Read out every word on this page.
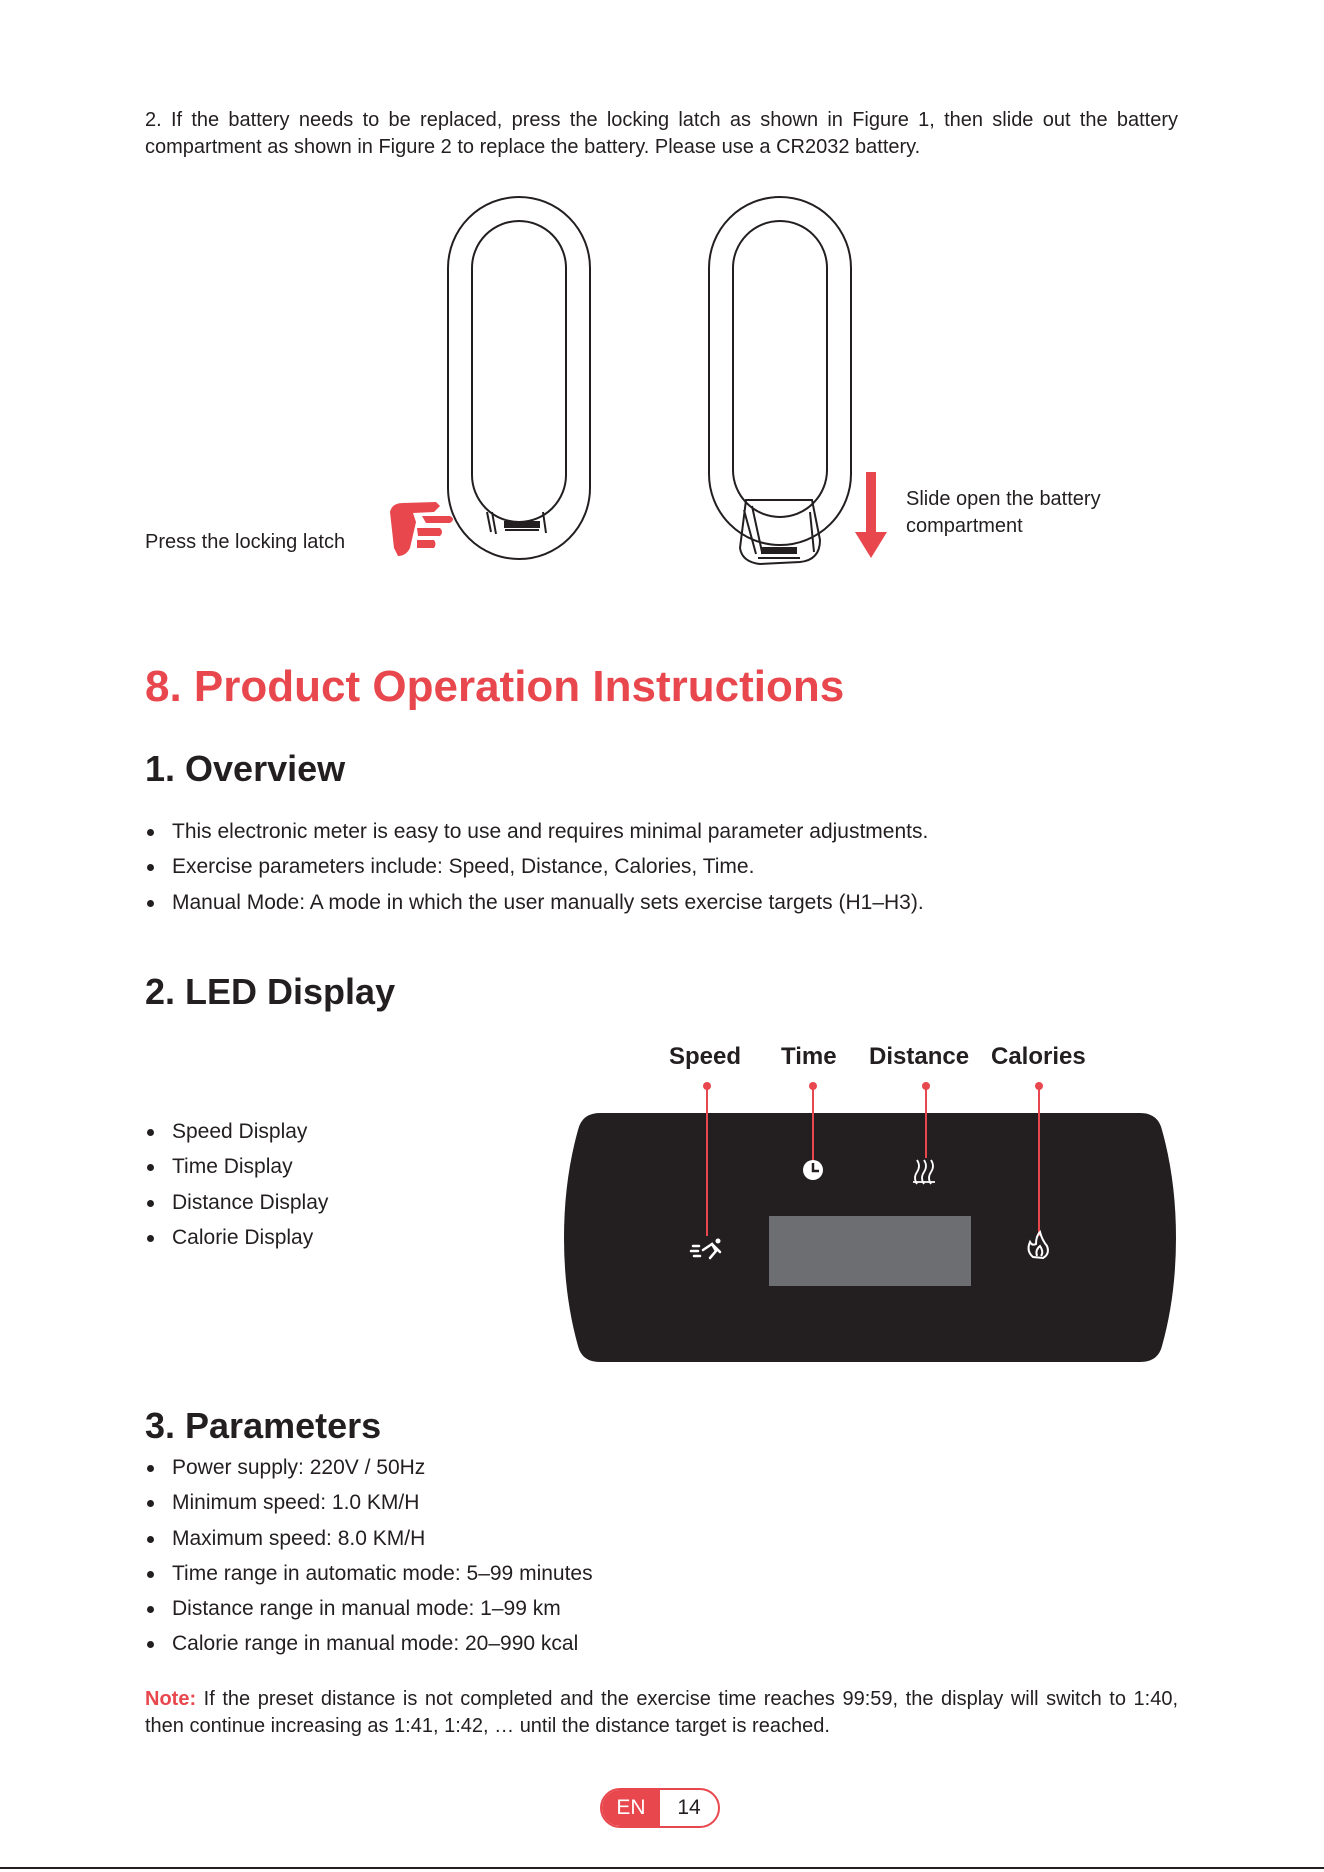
2. If the battery needs to be replaced, press the locking latch as shown in Figure 1, then slide out the battery compartment as shown in Figure 2 to replace the battery. Please use a CR2032 battery.
Press the locking latch
Slide open the battery compartment
8. Product Operation Instructions
1. Overview
This electronic meter is easy to use and requires minimal parameter adjustments.
Exercise parameters include: Speed, Distance, Calories, Time.
Manual Mode: A mode in which the user manually sets exercise targets (H1–H3).
2. LED Display
Speed Display
Time Display
Distance Display
Calorie Display
Speed Time Distance Calories
3. Parameters
Power supply: 220V / 50Hz
Minimum speed: 1.0 KM/H
Maximum speed: 8.0 KM/H
Time range in automatic mode: 5–99 minutes
Distance range in manual mode: 1–99 km
Calorie range in manual mode: 20–990 kcal
Note: If the preset distance is not completed and the exercise time reaches 99:59, the display will switch to 1:40, then continue increasing as 1:41, 1:42, … until the distance target is reached.
EN	14
